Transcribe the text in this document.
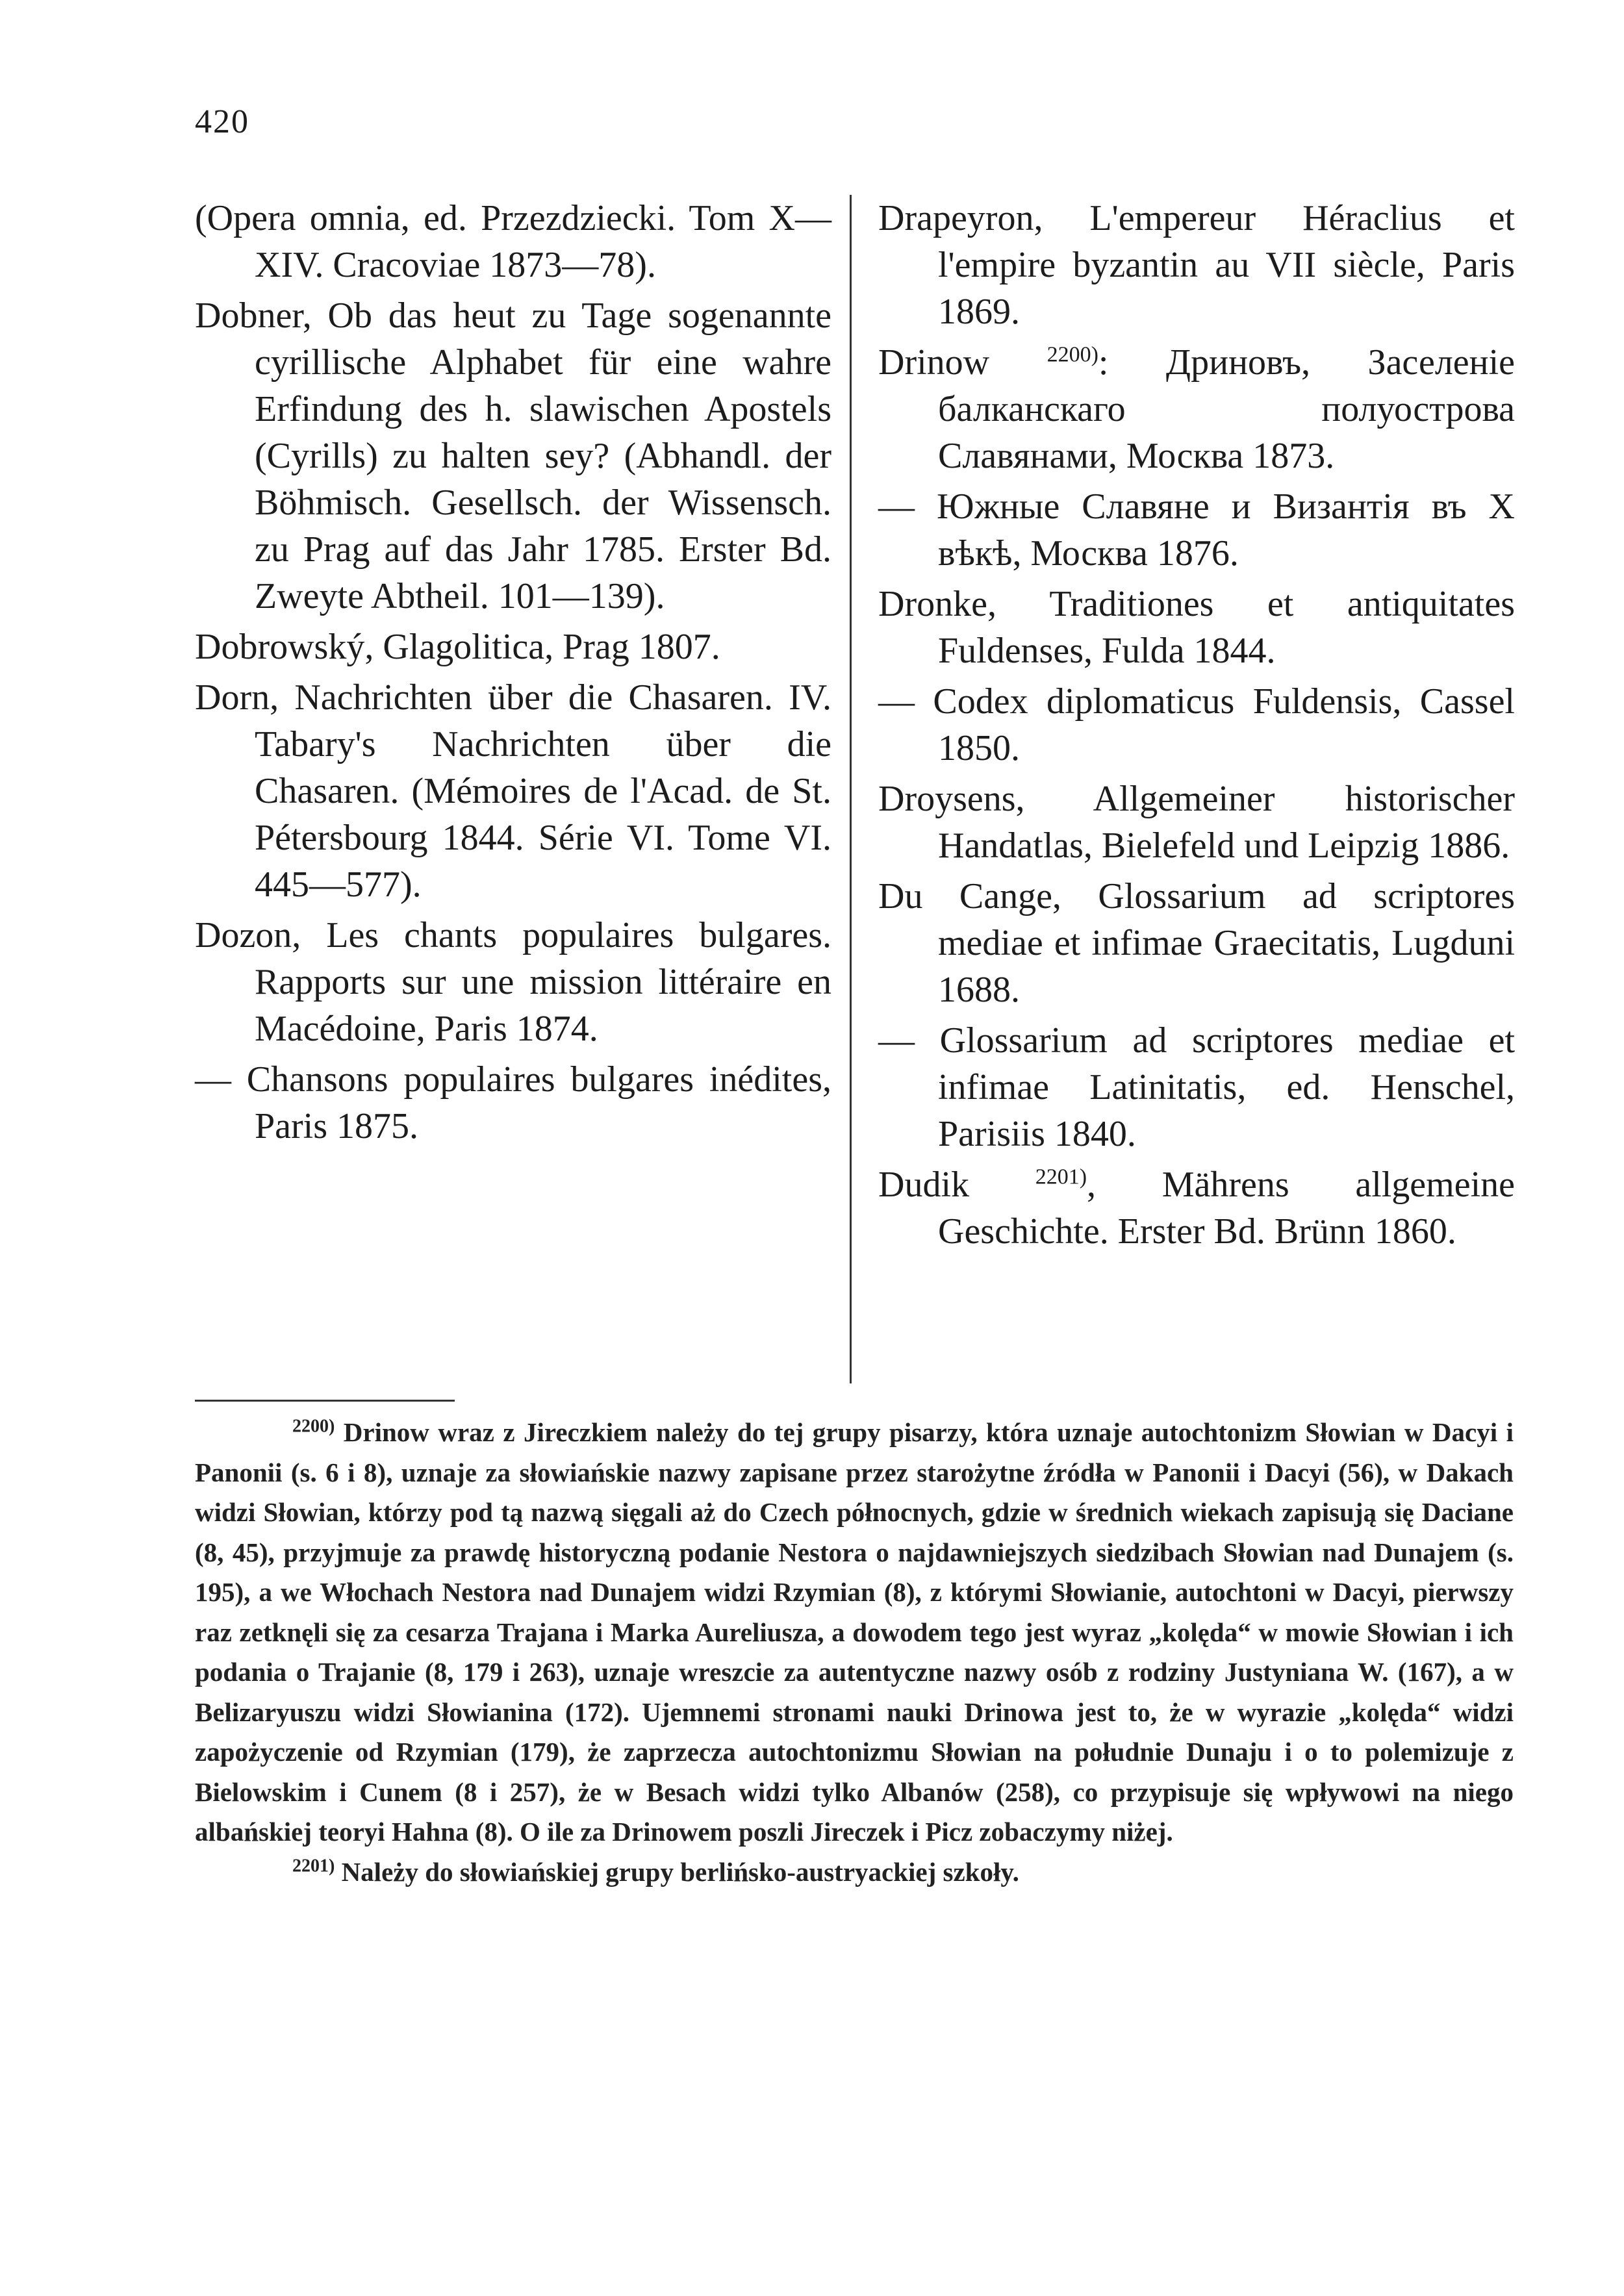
420

(Opera omnia, ed. Przezdziecki. Tom X—XIV. Cracoviae 1873—78).

Dobner, Ob das heut zu Tage sogenannte cyrillische Alphabet für eine wahre Erfindung des h. slawischen Apostels (Cyrills) zu halten sey? (Abhandl. der Böhmisch. Gesellsch. der Wissensch. zu Prag auf das Jahr 1785. Erster Bd. Zweyte Abtheil. 101—139).

Dobrowský, Glagolitica, Prag 1807.

Dorn, Nachrichten über die Chasaren. IV. Tabary's Nachrichten über die Chasaren. (Mémoires de l'Acad. de St. Pétersbourg 1844. Série VI. Tome VI. 445—577).

Dozon, Les chants populaires bulgares. Rapports sur une mission littéraire en Macédoine, Paris 1874.

— Chansons populaires bulgares inédites, Paris 1875.

Drapeyron, L'empereur Héraclius et l'empire byzantin au VII siècle, Paris 1869.

Drinow	$^{2200)}$: Дриновъ, Заселеніе балканскаго полуострова Славянами, Москва 1873.

— Южные Славяне и Византія въ X вѣкѣ, Москва 1876.

Dronke, Traditiones et antiquitates Fuldenses, Fulda 1844.

— Codex diplomaticus Fuldensis, Cassel 1850.

Droysens, Allgemeiner historischer Handatlas, Bielefeld und Leipzig 1886.

Du Cange, Glossarium ad scriptores mediae et infimae Graecitatis, Lugduni 1688.

— Glossarium ad scriptores mediae et infimae Latinitatis, ed. Henschel, Parisiis 1840.

Dudik	$^{2201)}$, Mährens allgemeine Geschichte. Erster Bd. Brünn 1860.

$^{2200)}$ Drinow wraz z Jireczkiem należy do tej grupy pisarzy, która uznaje autochtonizm Słowian w Dacyi i Panonii (s. 6 i 8), uznaje za słowiańskie nazwy zapisane przez starożytne źródła w Panonii i Dacyi (56), w Dakach widzi Słowian, którzy pod tą nazwą sięgali aż do Czech północnych, gdzie w średnich wiekach zapisują się Daciane (8, 45), przyjmuje za prawdę historyczną podanie Nestora o najdawniejszych siedzibach Słowian nad Dunajem (s. 195), a we Włochach Nestora nad Dunajem widzi Rzymian (8), z którymi Słowianie, autochtoni w Dacyi, pierwszy raz zetknęli się za cesarza Trajana i Marka Aureliusza, a dowodem tego jest wyraz „kolęda“ w mowie Słowian i ich podania o Trajanie (8, 179 i 263), uznaje wreszcie za autentyczne nazwy osób z rodziny Justyniana W. (167), a w Belizaryuszu widzi Słowianina (172). Ujemnemi stronami nauki Drinowa jest to, że w wyrazie „kolęda“ widzi zapożyczenie od Rzymian (179), że zaprzecza autochtonizmu Słowian na południe Dunaju i o to polemizuje z Bielowskim i Cunem (8 i 257), że w Besach widzi tylko Albanów (258), co przypisuje się wpływowi na niego albańskiej teoryi Hahna (8). O ile za Drinowem poszli Jireczek i Picz zobaczymy niżej.

$^{2201)}$ Należy do słowiańskiej grupy berlińsko-austryackiej szkoły.
